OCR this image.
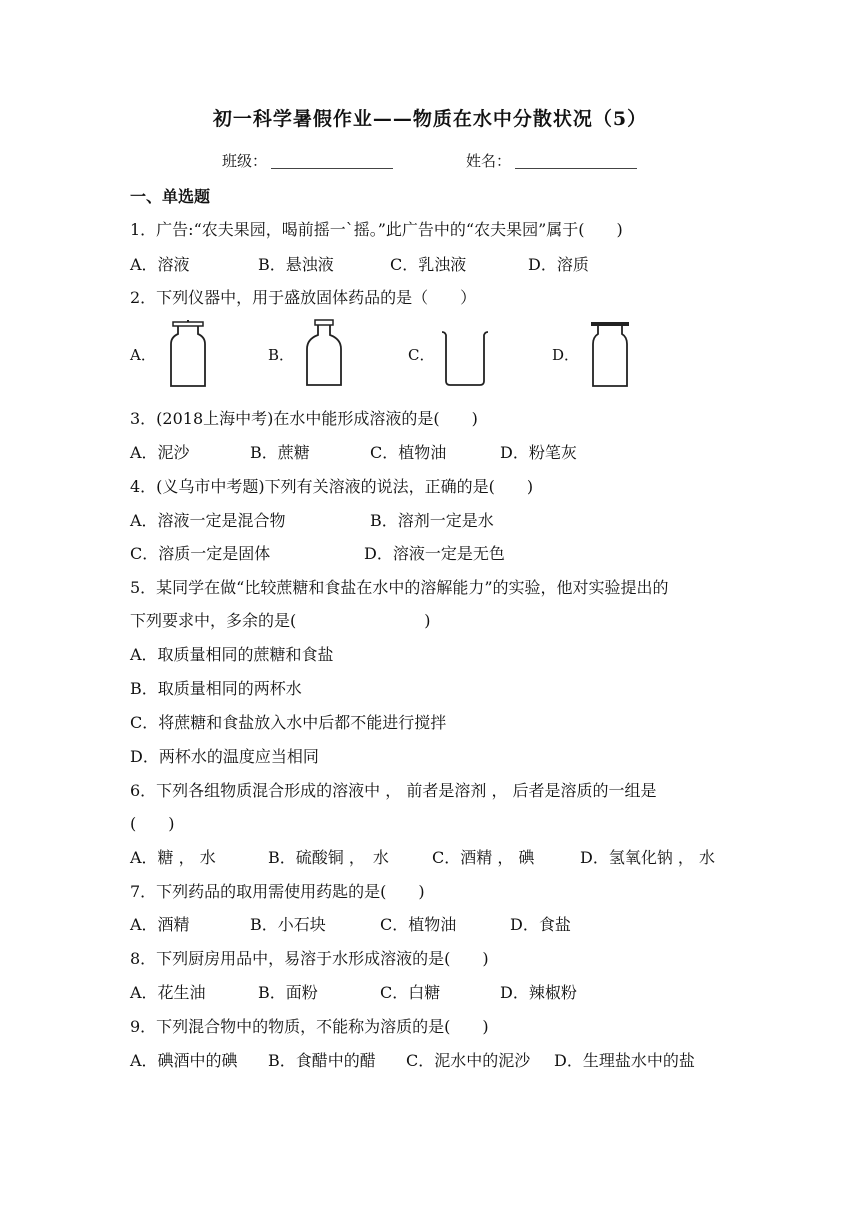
初一科学暑假作业——物质在水中分散状况（5）
班级：	姓名：
一、单选题
1．广告:“农夫果园，喝前摇一`摇。”此广告中的“农夫果园”属于(　　)
A．溶液	B．悬浊液	C．乳浊液	D．溶质
2．下列仪器中，用于盛放固体药品的是（　　）
A．	B．	C．	D．
3．(2018上海中考)在水中能形成溶液的是(　　)
A．泥沙	B．蔗糖	C．植物油	D．粉笔灰
4．(义乌市中考题)下列有关溶液的说法，正确的是(　　)
A．溶液一定是混合物	B．溶剂一定是水
C．溶质一定是固体	D．溶液一定是无色
5．某同学在做“比较蔗糖和食盐在水中的溶解能力”的实验，他对实验提出的
下列要求中，多余的是(　　　　　　　　)
A．取质量相同的蔗糖和食盐
B．取质量相同的两杯水
C．将蔗糖和食盐放入水中后都不能进行搅拌
D．两杯水的温度应当相同
6．下列各组物质混合形成的溶液中 ， 前者是溶剂 ， 后者是溶质的一组是
(　　)
A．糖 ， 水	B．硫酸铜 ，　水	C．酒精 ， 碘	D．氢氧化钠 ， 水
7．下列药品的取用需使用药匙的是(　　)
A．酒精	B．小石块	C．植物油	D．食盐
8．下列厨房用品中，易溶于水形成溶液的是(　　)
A．花生油	B．面粉	C．白糖	D．辣椒粉
9．下列混合物中的物质，不能称为溶质的是(　　)
A．碘酒中的碘 B．食醋中的醋 C．泥水中的泥沙 D．生理盐水中的盐
